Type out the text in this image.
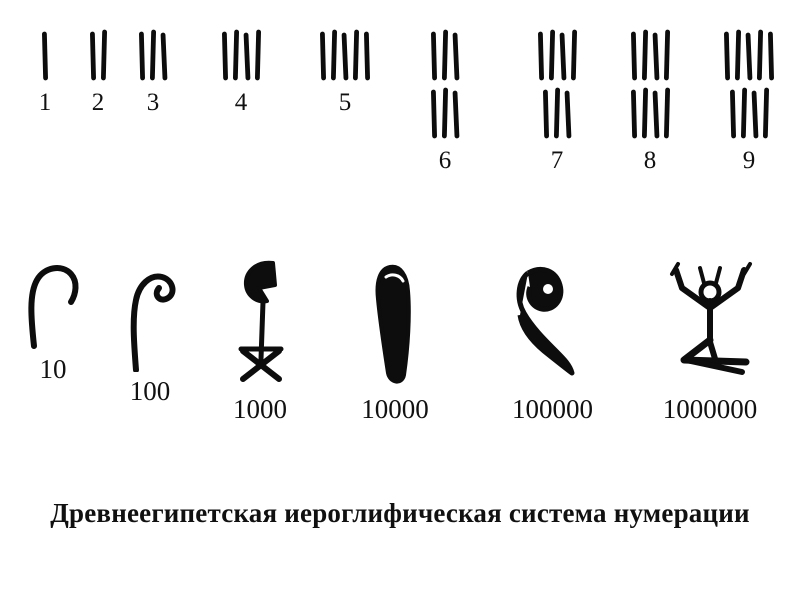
1	2	3	4	5
6	7	8	9
10
100
1000	10000	100000	1000000
Древнеегипетская иероглифическая система нумерации
